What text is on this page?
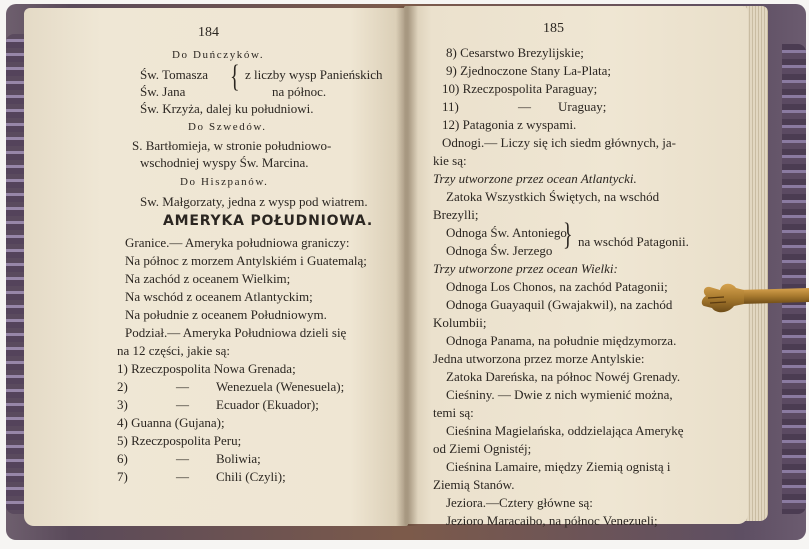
184
Do Duńczyków.
Św. Tomasza { z liczby wysp Panieńskich
Św. Jana	na północ.
Św. Krzyża, dalej ku południowi.
Do Szwedów.
S. Bartłomieja, w stronie południowo-
wschodniej wyspy Św. Marcina.
Do Hiszpanów.
Sw. Małgorzaty, jedna z wysp pod wiatrem.
AMERYKA POŁUDNIOWA.
Granice.— Ameryka południowa graniczy:
Na północ z morzem Antylskiém i Guatemalą;
Na zachód z oceanem Wielkim;
Na wschód z oceanem Atlantyckim;
Na południe z oceanem Południowym.
Podział.— Ameryka Południowa dzieli się
na 12 części, jakie są:
1) Rzeczpospolita Nowa Grenada;
2)	— Wenezuela (Wenesuela);
3)	— Ecuador (Ekuador);
4) Guanna (Gujana);
5) Rzeczpospolita Peru;
6)	— Boliwia;
7)	— Chili (Czyli);
185
8) Cesarstwo Brezylijskie;
9) Zjednoczone Stany La-Plata;
10) Rzeczpospolita Paraguay;
11)	— Uraguay;
12) Patagonia z wyspami.
Odnogi.— Liczy się ich siedm głównych, ja-
kie są:
Trzy utworzone przez ocean Atlantycki.
Zatoka Wszystkich Świętych, na wschód
Brezylli;
Odnoga Św. Antoniego
Odnoga Św. Jerzego } na wschód Patagonii.
Trzy utworzone przez ocean Wielki:
Odnoga Los Chonos, na zachód Patagonii;
Odnoga Guayaquil (Gwajakwil), na zachód
Kolumbii;
Odnoga Panama, na południe międzymorza.
Jedna utworzona przez morze Antylskie:
Zatoka Dareńska, na północ Nowéj Grenady.
Cieśniny. — Dwie z nich wymienić można,
temi są:
Cieśnina Magielańska, oddzielająca Amerykę
od Ziemi Ognistéj;
Cieśnina Lamaire, między Ziemią ognistą i
Ziemią Stanów.
Jeziora.—Cztery główne są:
Jezioro Maracaibo, na północ Venezueli;
